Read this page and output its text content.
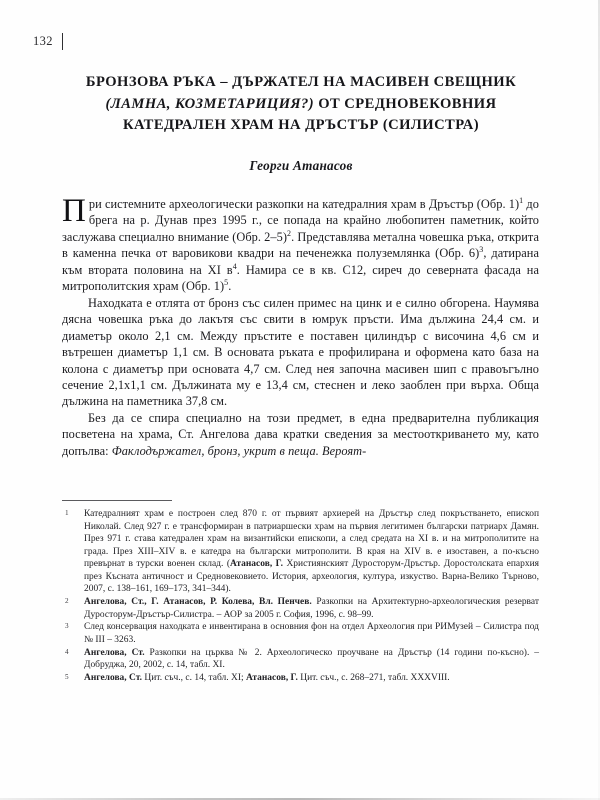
132
БРОНЗОВА РЪКА – ДЪРЖАТЕЛ НА МАСИВЕН СВЕЩНИК
(ЛАМНА, КОЗМЕТАРИЦИЯ?) ОТ СРЕДНОВЕКОВНИЯ
КАТЕДРАЛЕН ХРАМ НА ДРЪСТЪР (СИЛИСТРА)
Георги Атанасов

При системните археологически разкопки на катедралния храм в Дръстър (Обр. 1)$^1$ до брега на р. Дунав през 1995 г., се попада на крайно любопитен паметник, който заслужава специално внимание (Обр. 2–5)$^2$. Представлява метална човешка ръка, открита в каменна печка от варовикови квадри на печенежка полуземлянка (Обр. 6)$^3$, датирана към втората половина на XI в$^4$. Намира се в кв. С12, сиреч до северната фасада на митрополитския храм (Обр. 1)$^5$.

Находката е отлята от бронз със силен примес на цинк и е силно обгорена. Наумява дясна човешка ръка до лакътя със свити в юмрук пръсти. Има дължина 24,4 см. и диаметър около 2,1 см. Между пръстите е поставен цилиндър с височина 4,6 см и вътрешен диаметър 1,1 см. В основата ръката е профилирана и оформена като база на колона с диаметър при основата 4,7 см. След нея започна масивен шип с правоъгълно сечение 2,1х1,1 см. Дължината му е 13,4 см, стеснен и леко заоблен при върха. Обща дължина на паметника 37,8 см.

Без да се спира специално на този предмет, в една предварителна публикация посветена на храма, Ст. Ангелова дава кратки сведения за местооткриването му, като допълва: Факлодържател, бронз, укрит в пеща. Вероят-

1 Катедралният храм е построен след 870 г. от първият архиерей на Дръстър след покръстването, епископ Николай. След 927 г. е трансформиран в патриаршески храм на първия легитимен български патриарх Дамян. През 971 г. става катедрален храм на византийски епископи, а след средата на XI в. и на митрополитите на града. През XIII–XIV в. е катедра на български митрополити. В края на XIV в. е изоставен, а по-късно превърнат в турски военен склад. (Атанасов, Г. Християнският Дуросторум-Дръстър. Доростолската епархия през Късната античност и Средновековието. История, археология, култура, изкуство. Варна-Велико Търново, 2007, с. 138–161, 169–173, 341–344).
2 Ангелова, Ст., Г. Атанасов, Р. Колева, Вл. Пенчев. Разкопки на Архитектурно-археологическия резерват Дуросторум-Дръстър-Силистра. – АОР за 2005 г. София, 1996, с. 98–99.
3 След консервация находката е инвентирана в основния фон на отдел Археология при РИМузей – Силистра под № III – 3263.
4 Ангелова, Ст. Разкопки на църква № 2. Археологическо проучване на Дръстър (14 години по-късно). – Добруджа, 20, 2002, с. 14, табл. XI.
5 Ангелова, Ст. Цит. съч., с. 14, табл. XI; Атанасов, Г. Цит. съч., с. 268–271, табл. XXXVIII.
